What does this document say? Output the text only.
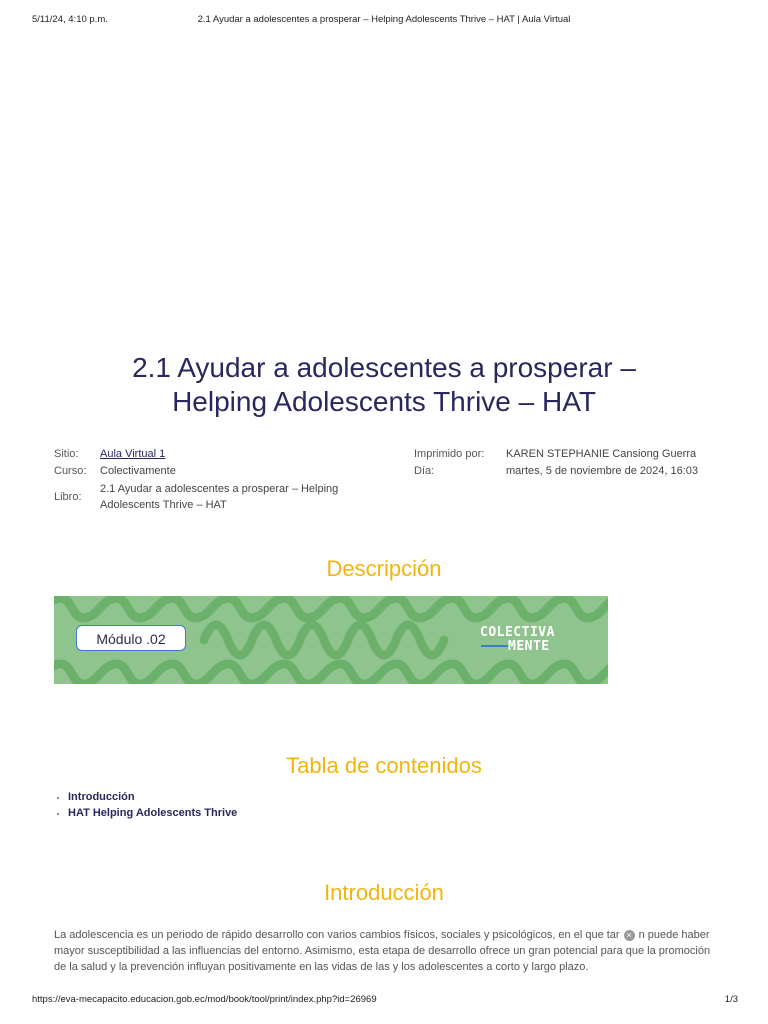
5/11/24, 4:10 p.m.	2.1 Ayudar a adolescentes a prosperar – Helping Adolescents Thrive – HAT | Aula Virtual
2.1 Ayudar a adolescentes a prosperar –
Helping Adolescents Thrive – HAT
Sitio:	Aula Virtual 1
Curso:	Colectivamente
Libro:
2.1 Ayudar a adolescentes a prosperar – Helping Adolescents Thrive – HAT
Imprimido por:	KAREN STEPHANIE Cansiong Guerra
Día:	martes, 5 de noviembre de 2024, 16:03
Descripción
Módulo .02	COLECTIVA
MENTE
Tabla de contenidos
• Introducción
• HAT Helping Adolescents Thrive
Introducción

La adolescencia es un periodo de rápido desarrollo con varios cambios físicos, sociales y psicológicos, en el que tar × n puede haber mayor susceptibilidad a las influencias del entorno. Asimismo, esta etapa de desarrollo ofrece un gran potencial para que la promoción de la salud y la prevención influyan positivamente en las vidas de las y los adolescentes a corto y largo plazo.

https://eva-mecapacito.educacion.gob.ec/mod/book/tool/print/index.php?id=26969	1/3
